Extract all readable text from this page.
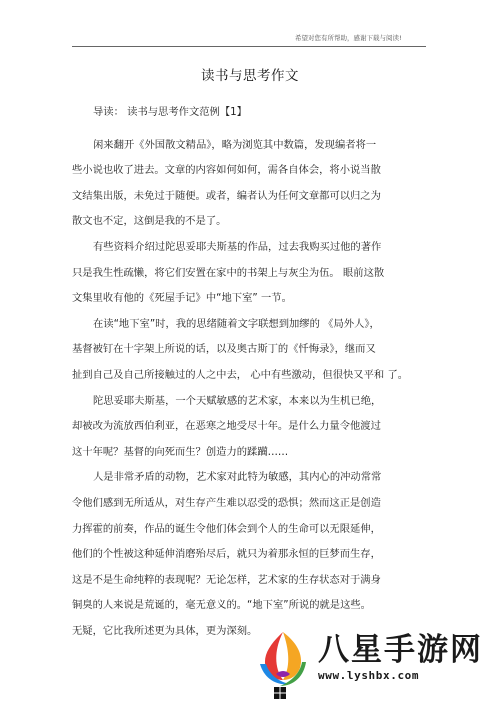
希望对您有所帮助，感谢下载与阅读!
读书与思考作文
导读： 读书与思考作文范例【1】
闲来翻开《外国散文精品》，略为浏览其中数篇，发现编者将一
些小说也收了进去。文章的内容如何如何，需各自体会，将小说当散
文结集出版，未免过于随便。或者，编者认为任何文章都可以归之为
散文也不定，这倒是我的不是了。
有些资料介绍过陀思妥耶夫斯基的作品，过去我购买过他的著作
只是我生性疏懒，将它们安置在家中的书架上与灰尘为伍。 眼前这散
文集里收有他的《死屋手记》中“地下室” 一节。
在读“地下室”时，我的思绪随着文字联想到加缪的 《局外人》，
基督被钉在十字架上所说的话，以及奥古斯丁的《忏悔录》，继而又
扯到自己及自己所接触过的人之中去， 心中有些激动，但很快又平和 了。
陀思妥耶夫斯基，一个天赋敏感的艺术家，本来以为生机已绝，
却被改为流放西伯利亚，在恶寒之地受尽十年。是什么力量令他渡过
这十年呢？基督的向死而生？创造力的蹂躏……
人是非常矛盾的动物，艺术家对此特为敏感，其内心的冲动常常
令他们感到无所适从，对生存产生难以忍受的恐惧；然而这正是创造
力挥霍的前奏，作品的诞生令他们体会到个人的生命可以无限延伸，
他们的个性被这种延伸消磨殆尽后，就只为着那永恒的巨梦而生存，
这是不是生命纯粹的表现呢？无论怎样，艺术家的生存状态对于满身
铜臭的人来说是荒诞的，毫无意义的。“地下室”所说的就是这些。
无疑，它比我所述更为具体，更为深刻。
八星手游网
www.lyshbx.com
